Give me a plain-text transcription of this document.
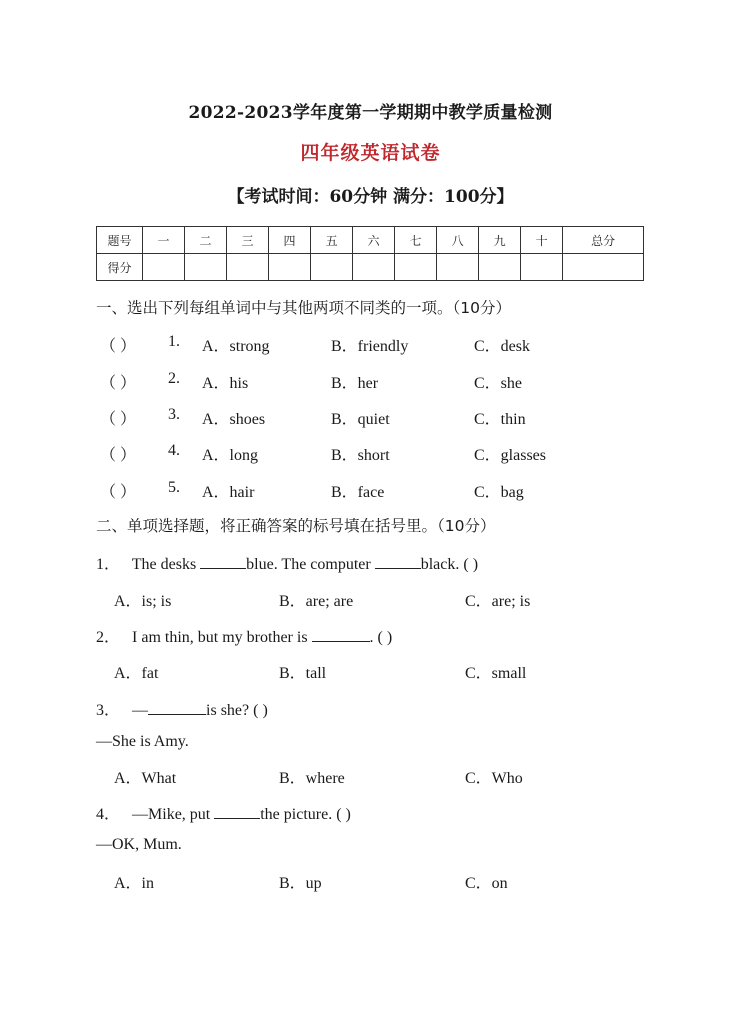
2022-2023学年度第一学期期中教学质量检测
四年级英语试卷
【考试时间：60分钟 满分：100分】
题号	一	二	三	四	五	六	七	八	九	十	总分
得分											
一、选出下列每组单词中与其他两项不同类的一项。（10分）
（ ） 1. A．strong	B．friendly	C．desk
（ ） 2. A．his	B．her	C．she
（ ） 3. A．shoes	B．quiet	C．thin
（ ） 4. A．long	B．short	C．glasses
（ ） 5. A．hair	B．face	C．bag
二、单项选择题，将正确答案的标号填在括号里。（10分）
1． The desks	blue. The computer	black. ( )
A．is; is	B．are; are	C．are; is
2． I am thin, but my brother is	. ( )
A．fat	B．tall	C．small
3． —	is she? ( )
—She is Amy.
A．What	B．where	C．Who
4． —Mike, put	the picture. ( )
—OK, Mum.
A．in	B．up	C．on
